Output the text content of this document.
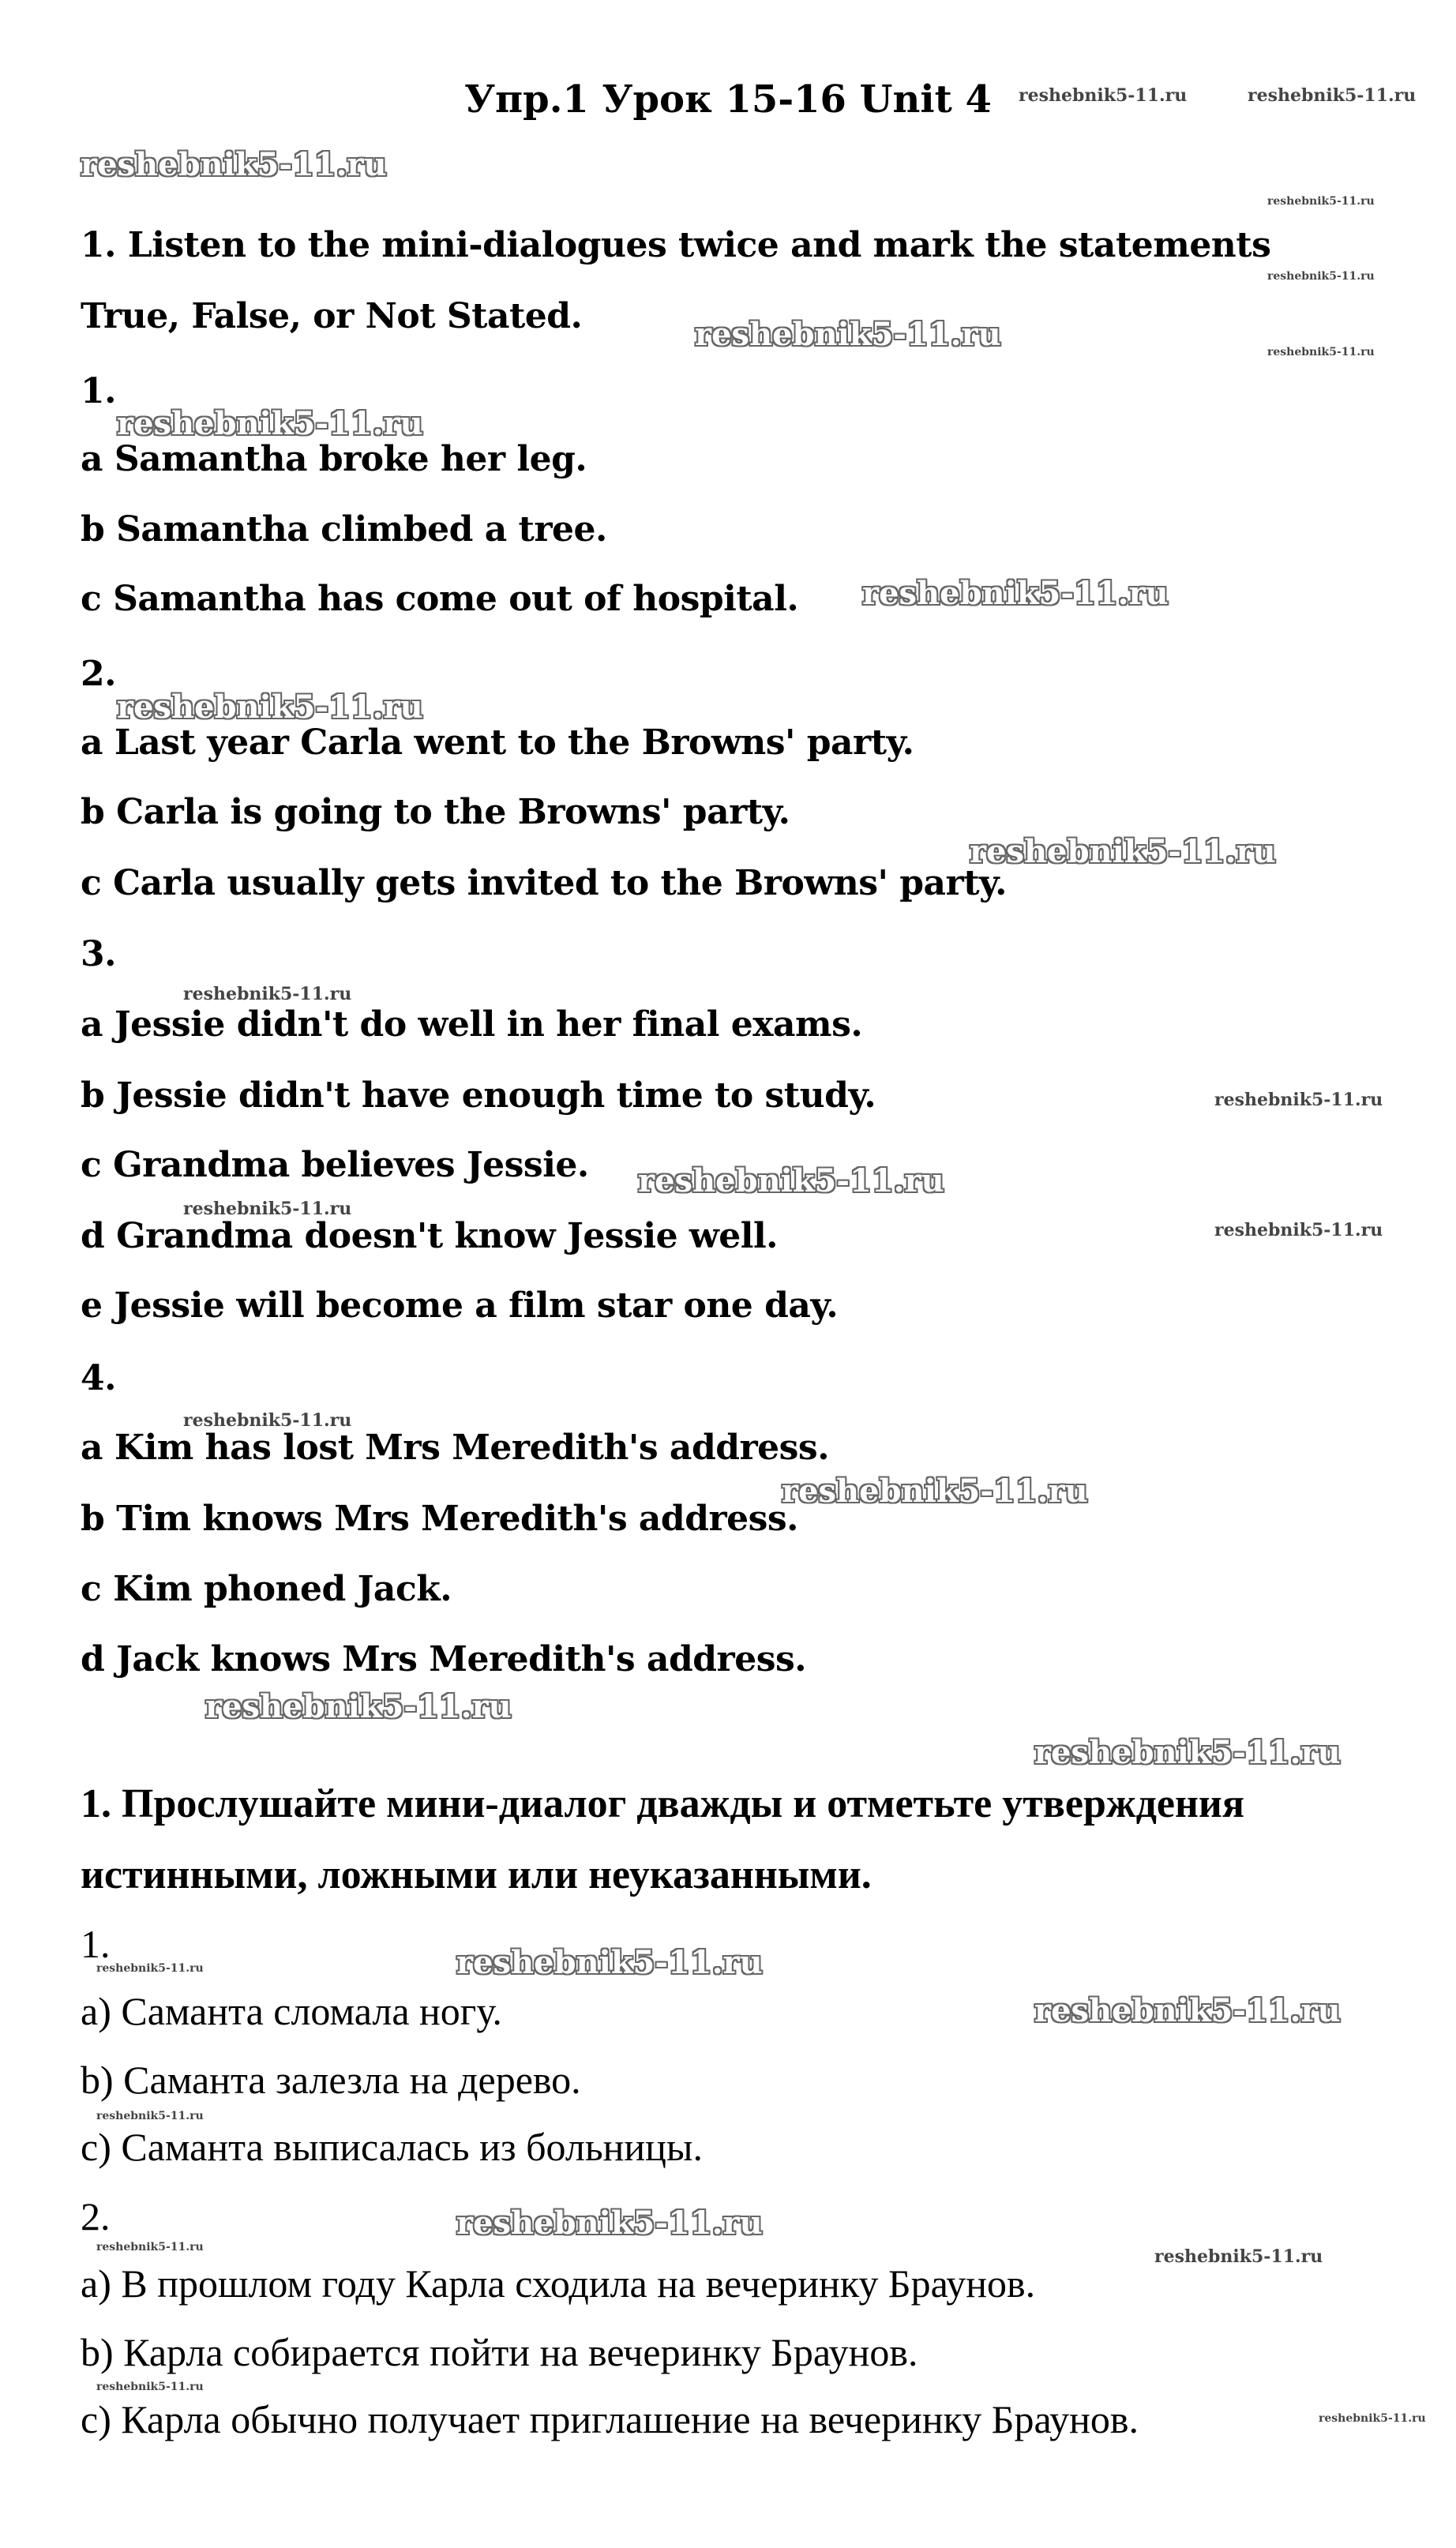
Упр.1 Урок 15-16 Unit 4
1. Listen to the mini-dialogues twice and mark the statements
True, False, or Not Stated.
1.
a Samantha broke her leg.
b Samantha climbed a tree.
c Samantha has come out of hospital.
2.
a Last year Carla went to the Browns' party.
b Carla is going to the Browns' party.
c Carla usually gets invited to the Browns' party.
3.
a Jessie didn't do well in her final exams.
b Jessie didn't have enough time to study.
c Grandma believes Jessie.
d Grandma doesn't know Jessie well.
e Jessie will become a film star one day.
4.
a Kim has lost Mrs Meredith's address.
b Tim knows Mrs Meredith's address.
c Kim phoned Jack.
d Jack knows Mrs Meredith's address.
1. Прослушайте мини-диалог дважды и отметьте утверждения
истинными, ложными или неуказанными.
1.
a) Саманта сломала ногу.
b) Саманта залезла на дерево.
c) Саманта выписалась из больницы.
2.
a) В прошлом году Карла сходила на вечеринку Браунов.
b) Карла собирается пойти на вечеринку Браунов.
c) Карла обычно получает приглашение на вечеринку Браунов.
reshebnik5-11.ru	reshebnik5-11.ru
reshebnik5-11.ru
reshebnik5-11.ru
reshebnik5-11.ru
reshebnik5-11.ru	reshebnik5-11.ru
reshebnik5-11.ru
reshebnik5-11.ru
reshebnik5-11.ru
reshebnik5-11.ru
reshebnik5-11.ru
reshebnik5-11.ru
reshebnik5-11.ru
reshebnik5-11.ru
reshebnik5-11.ru
reshebnik5-11.ru
reshebnik5-11.ru
reshebnik5-11.ru
reshebnik5-11.ru
reshebnik5-11.ru	reshebnik5-11.ru
reshebnik5-11.ru
reshebnik5-11.ru
reshebnik5-11.ru
reshebnik5-11.ru	reshebnik5-11.ru
reshebnik5-11.ru
reshebnik5-11.ru
